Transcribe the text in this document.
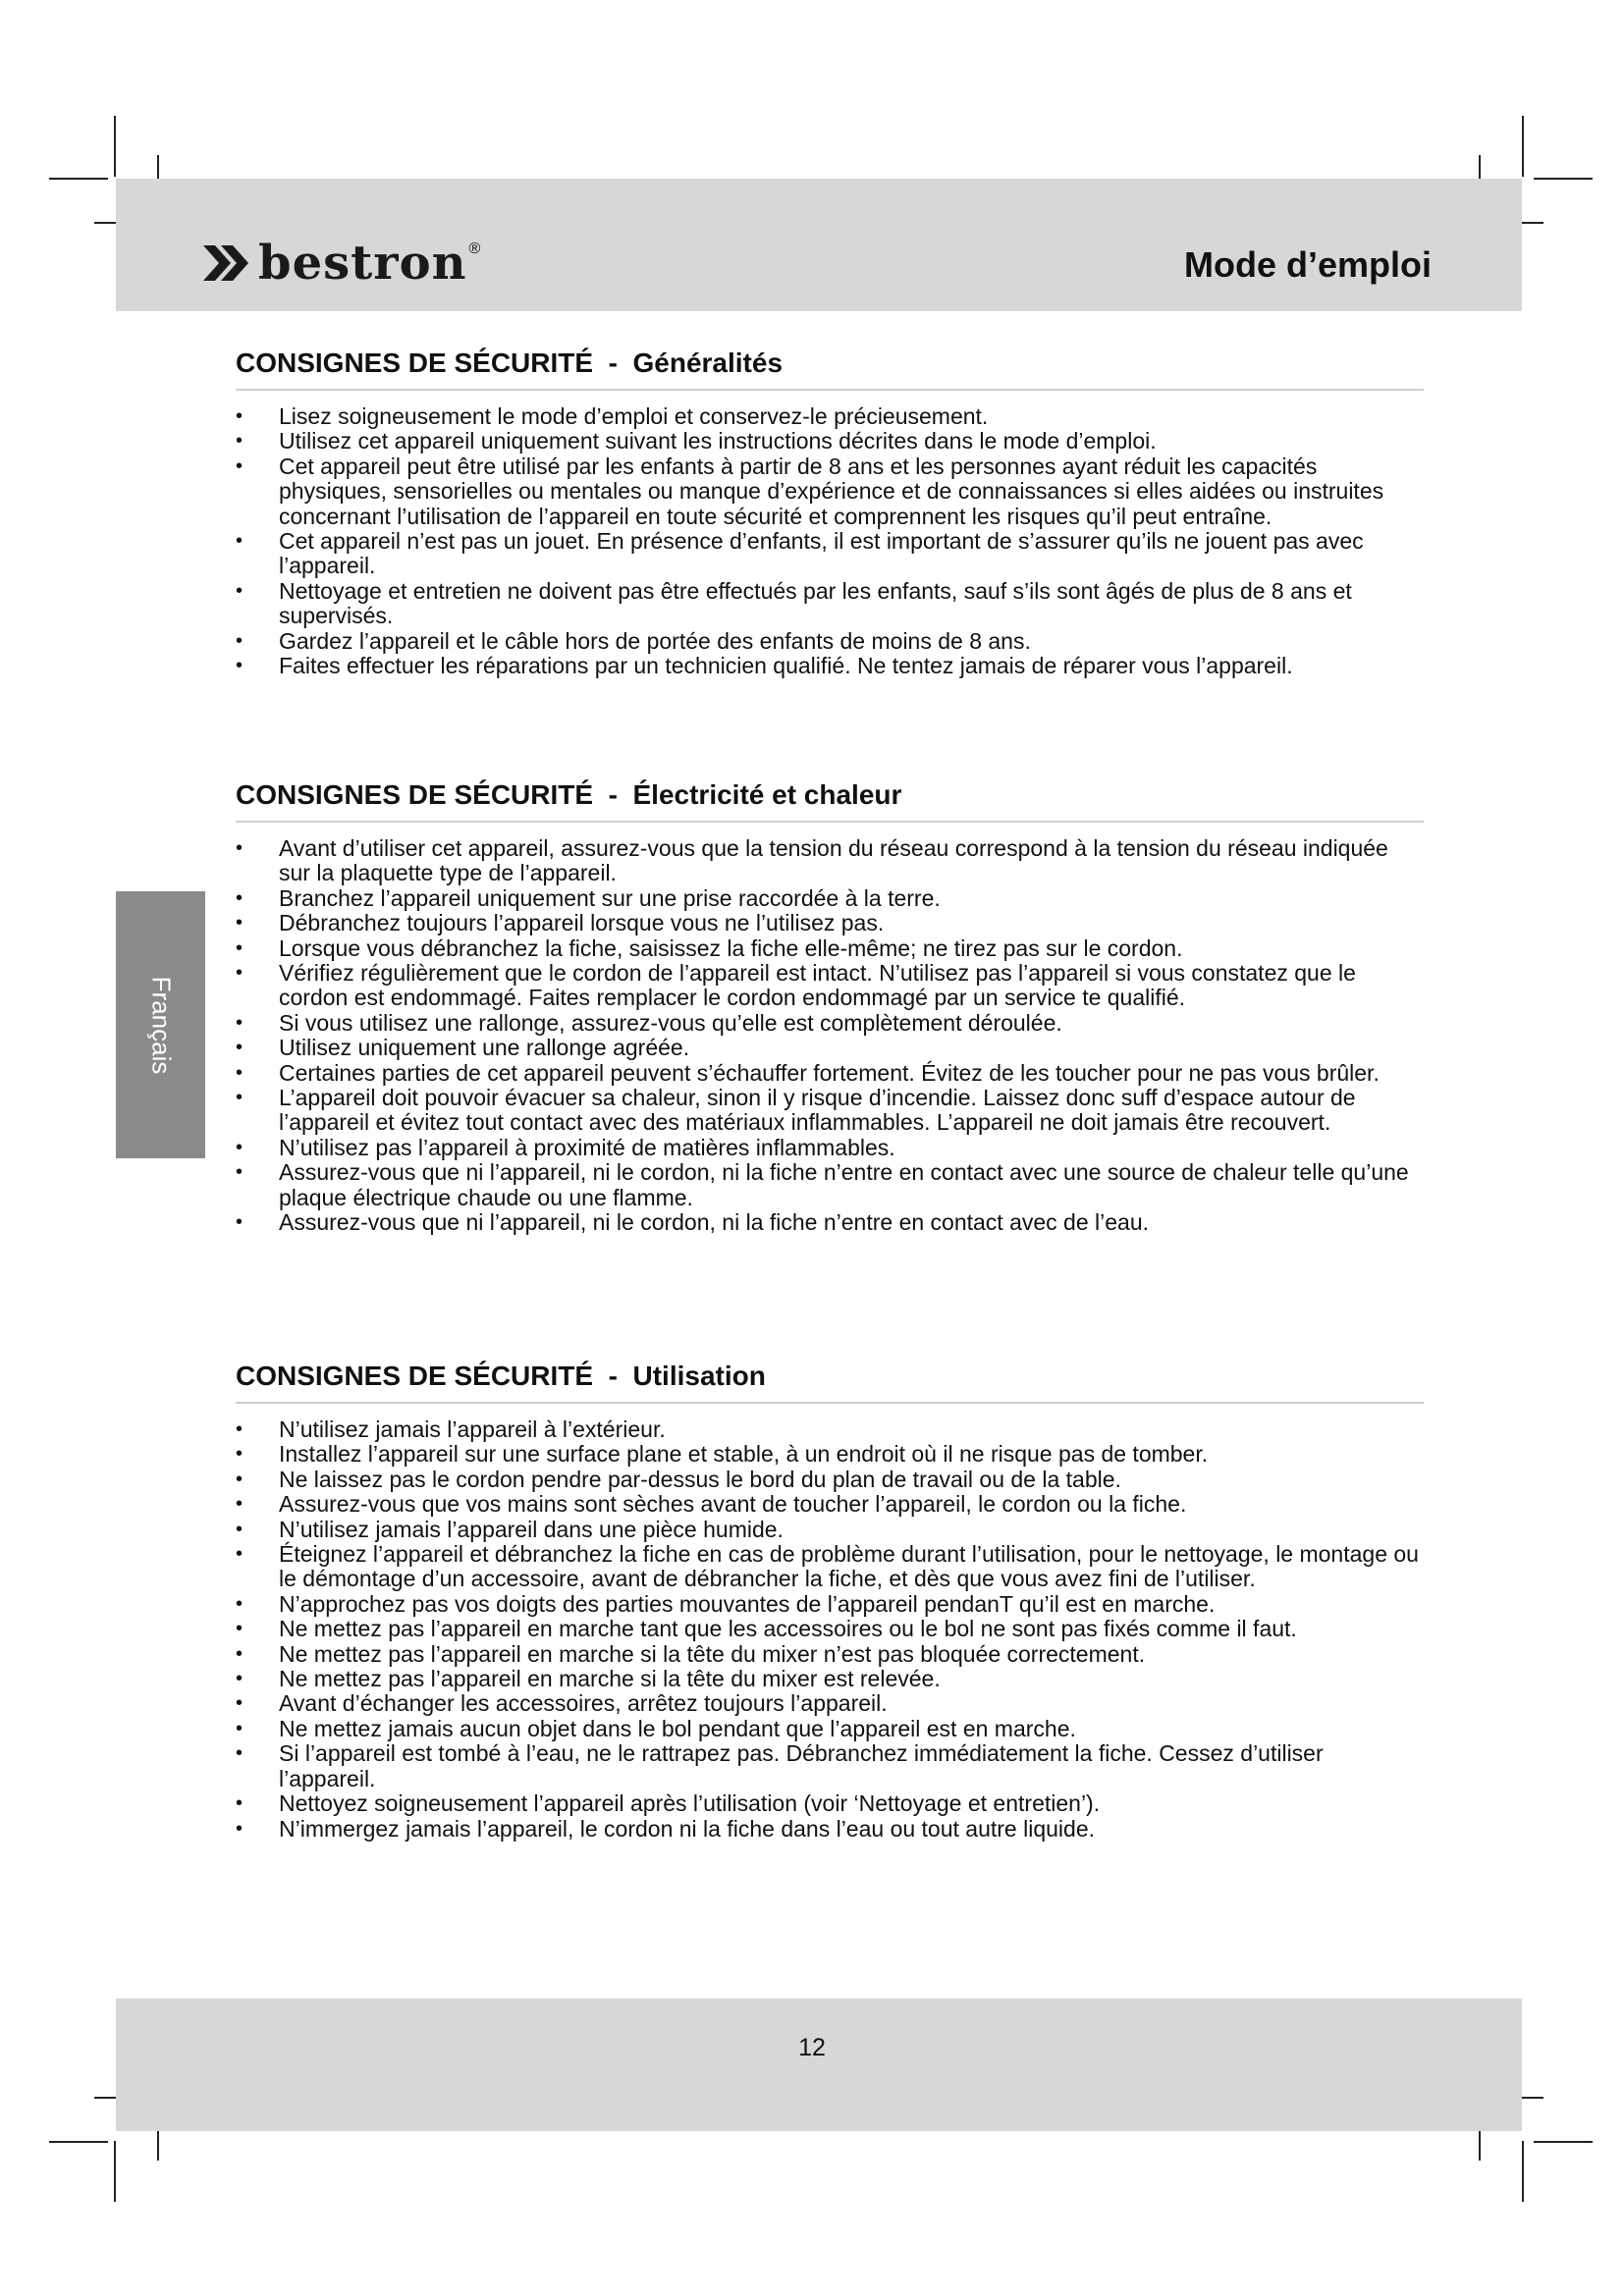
bestron ®	Mode d’emploi
Français
CONSIGNES DE SÉCURITÉ  -  Généralités
• Lisez soigneusement le mode d’emploi et conservez-le précieusement.
• Utilisez cet appareil uniquement suivant les instructions décrites dans le mode d’emploi.
• Cet appareil peut être utilisé par les enfants à partir de 8 ans et les personnes ayant réduit les capacités physiques, sensorielles ou mentales ou manque d’expérience et de connaissances si elles aidées ou instruites concernant l’utilisation de l’appareil en toute sécurité et comprennent les risques qu’il peut entraîne.
• Cet appareil n’est pas un jouet. En présence d’enfants, il est important de s’assurer qu’ils ne jouent pas avec l’appareil.
• Nettoyage et entretien ne doivent pas être effectués par les enfants, sauf s’ils sont âgés de plus de 8 ans et supervisés.
• Gardez l’appareil et le câble hors de portée des enfants de moins de 8 ans.
• Faites effectuer les réparations par un technicien qualifié. Ne tentez jamais de réparer vous l’appareil.
CONSIGNES DE SÉCURITÉ  -  Électricité et chaleur
• Avant d’utiliser cet appareil, assurez-vous que la tension du réseau correspond à la tension du réseau indiquée sur la plaquette type de l’appareil.
• Branchez l’appareil uniquement sur une prise raccordée à la terre.
• Débranchez toujours l’appareil lorsque vous ne l’utilisez pas.
• Lorsque vous débranchez la fiche, saisissez la fiche elle-même; ne tirez pas sur le cordon.
• Vérifiez régulièrement que le cordon de l’appareil est intact. N’utilisez pas l’appareil si vous constatez que le cordon est endommagé. Faites remplacer le cordon endommagé par un service te qualifié.
• Si vous utilisez une rallonge, assurez-vous qu’elle est complètement déroulée.
• Utilisez uniquement une rallonge agréée.
• Certaines parties de cet appareil peuvent s’échauffer fortement. Évitez de les toucher pour ne pas vous brûler.
• L’appareil doit pouvoir évacuer sa chaleur, sinon il y risque d’incendie. Laissez donc suff d’espace autour de l’appareil et évitez tout contact avec des matériaux inflammables. L’appareil ne doit jamais être recouvert.
• N’utilisez pas l’appareil à proximité de matières inflammables.
• Assurez-vous que ni l’appareil, ni le cordon, ni la fiche n’entre en contact avec une source de chaleur telle qu’une plaque électrique chaude ou une flamme.
• Assurez-vous que ni l’appareil, ni le cordon, ni la fiche n’entre en contact avec de l’eau.
CONSIGNES DE SÉCURITÉ  -  Utilisation
• N’utilisez jamais l’appareil à l’extérieur.
• Installez l’appareil sur une surface plane et stable, à un endroit où il ne risque pas de tomber.
• Ne laissez pas le cordon pendre par-dessus le bord du plan de travail ou de la table.
• Assurez-vous que vos mains sont sèches avant de toucher l’appareil, le cordon ou la fiche.
• N’utilisez jamais l’appareil dans une pièce humide.
• Éteignez l’appareil et débranchez la fiche en cas de problème durant l’utilisation, pour le nettoyage, le montage ou le démontage d’un accessoire, avant de débrancher la fiche, et dès que vous avez fini de l’utiliser.
• N’approchez pas vos doigts des parties mouvantes de l’appareil pendanT qu’il est en marche.
• Ne mettez pas l’appareil en marche tant que les accessoires ou le bol ne sont pas fixés comme il faut.
• Ne mettez pas l’appareil en marche si la tête du mixer n’est pas bloquée correctement.
• Ne mettez pas l’appareil en marche si la tête du mixer est relevée.
• Avant d’échanger les accessoires, arrêtez toujours l’appareil.
• Ne mettez jamais aucun objet dans le bol pendant que l’appareil est en marche.
• Si l’appareil est tombé à l’eau, ne le rattrapez pas. Débranchez immédiatement la fiche. Cessez d’utiliser l’appareil.
• Nettoyez soigneusement l’appareil après l’utilisation (voir ‘Nettoyage et entretien’).
• N’immergez jamais l’appareil, le cordon ni la fiche dans l’eau ou tout autre liquide.
12
